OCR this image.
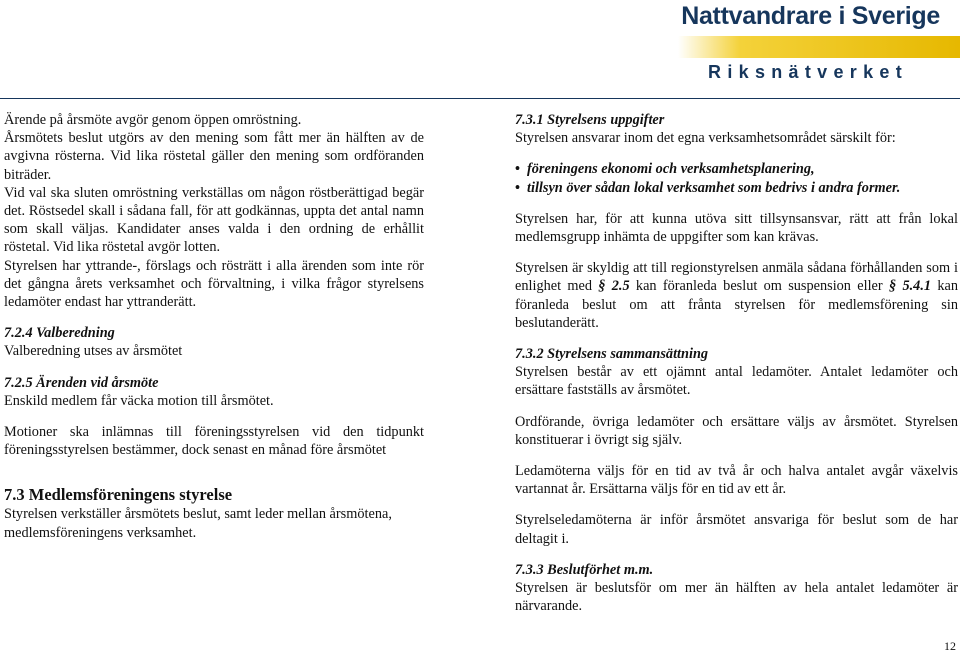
Nattvandrare i Sverige
Riksnätverket

Ärende på årsmöte avgör genom öppen omröstning.

Årsmötets beslut utgörs av den mening som fått mer än hälften av de avgivna rösterna. Vid lika röstetal gäller den mening som ordföranden biträder.

Vid val ska sluten omröstning verkställas om någon röstberättigad begär det. Röstsedel skall i sådana fall, för att godkännas, uppta det antal namn som skall väljas. Kandidater anses valda i den ordning de erhållit röstetal. Vid lika röstetal avgör lotten.

Styrelsen har yttrande-, förslags och rösträtt i alla ärenden som inte rör det gångna årets verksamhet och förvaltning, i vilka frågor styrelsens ledamöter endast har yttranderätt.

7.2.4 Valberedning

Valberedning utses av årsmötet

7.2.5 Ärenden vid årsmöte

Enskild medlem får väcka motion till årsmötet.

Motioner ska inlämnas till föreningsstyrelsen vid den tidpunkt föreningsstyrelsen bestämmer, dock senast en månad före årsmötet

7.3 Medlemsföreningens styrelse

Styrelsen verkställer årsmötets beslut, samt leder mellan årsmötena, medlemsföreningens verksamhet.

7.3.1 Styrelsens uppgifter

Styrelsen ansvarar inom det egna verksamhetsområdet särskilt för:

• föreningens ekonomi och verksamhetsplanering,
• tillsyn över sådan lokal verksamhet som bedrivs i andra former.

Styrelsen har, för att kunna utöva sitt tillsynsansvar, rätt att från lokal medlemsgrupp inhämta de uppgifter som kan krävas.

Styrelsen är skyldig att till regionstyrelsen anmäla sådana förhållanden som i enlighet med § 2.5 kan föranleda beslut om suspension eller § 5.4.1 kan föranleda beslut om att fråntа styrelsen för medlemsförening sin beslutanderätt.

7.3.2 Styrelsens sammansättning

Styrelsen består av ett ojämnt antal ledamöter. Antalet ledamöter och ersättare fastställs av årsmötet.

Ordförande, övriga ledamöter och ersättare väljs av årsmötet. Styrelsen konstituerar i övrigt sig själv.

Ledamöterna väljs för en tid av två år och halva antalet avgår växelvis vartannat år. Ersättarna väljs för en tid av ett år.

Styrelseledamöterna är inför årsmötet ansvariga för beslut som de har deltagit i.

7.3.3 Beslutförhet m.m.

Styrelsen är beslutsför om mer än hälften av hela antalet ledamöter är närvarande.

12
